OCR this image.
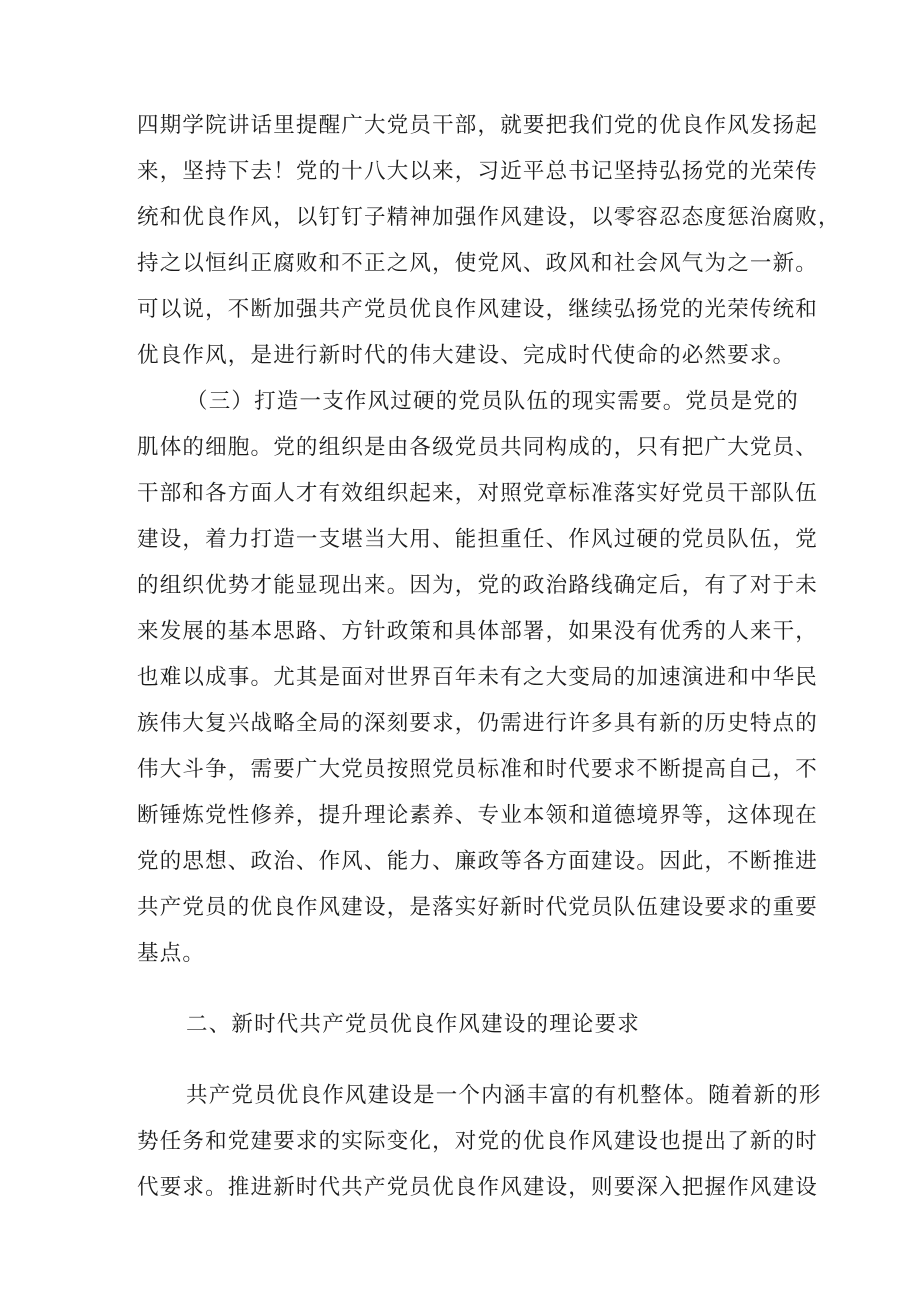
四期学院讲话里提醒广大党员干部，就要把我们党的优良作风发扬起
来，坚持下去！党的十八大以来，习近平总书记坚持弘扬党的光荣传
统和优良作风，以钉钉子精神加强作风建设，以零容忍态度惩治腐败，
持之以恒纠正腐败和不正之风，使党风、政风和社会风气为之一新。
可以说，不断加强共产党员优良作风建设，继续弘扬党的光荣传统和
优良作风，是进行新时代的伟大建设、完成时代使命的必然要求。
（三）打造一支作风过硬的党员队伍的现实需要。党员是党的
肌体的细胞。党的组织是由各级党员共同构成的，只有把广大党员、
干部和各方面人才有效组织起来，对照党章标准落实好党员干部队伍
建设，着力打造一支堪当大用、能担重任、作风过硬的党员队伍，党
的组织优势才能显现出来。因为，党的政治路线确定后，有了对于未
来发展的基本思路、方针政策和具体部署，如果没有优秀的人来干，
也难以成事。尤其是面对世界百年未有之大变局的加速演进和中华民
族伟大复兴战略全局的深刻要求，仍需进行许多具有新的历史特点的
伟大斗争，需要广大党员按照党员标准和时代要求不断提高自己，不
断锤炼党性修养，提升理论素养、专业本领和道德境界等，这体现在
党的思想、政治、作风、能力、廉政等各方面建设。因此，不断推进
共产党员的优良作风建设，是落实好新时代党员队伍建设要求的重要
基点。
二、新时代共产党员优良作风建设的理论要求
共产党员优良作风建设是一个内涵丰富的有机整体。随着新的形
势任务和党建要求的实际变化，对党的优良作风建设也提出了新的时
代要求。推进新时代共产党员优良作风建设，则要深入把握作风建设
